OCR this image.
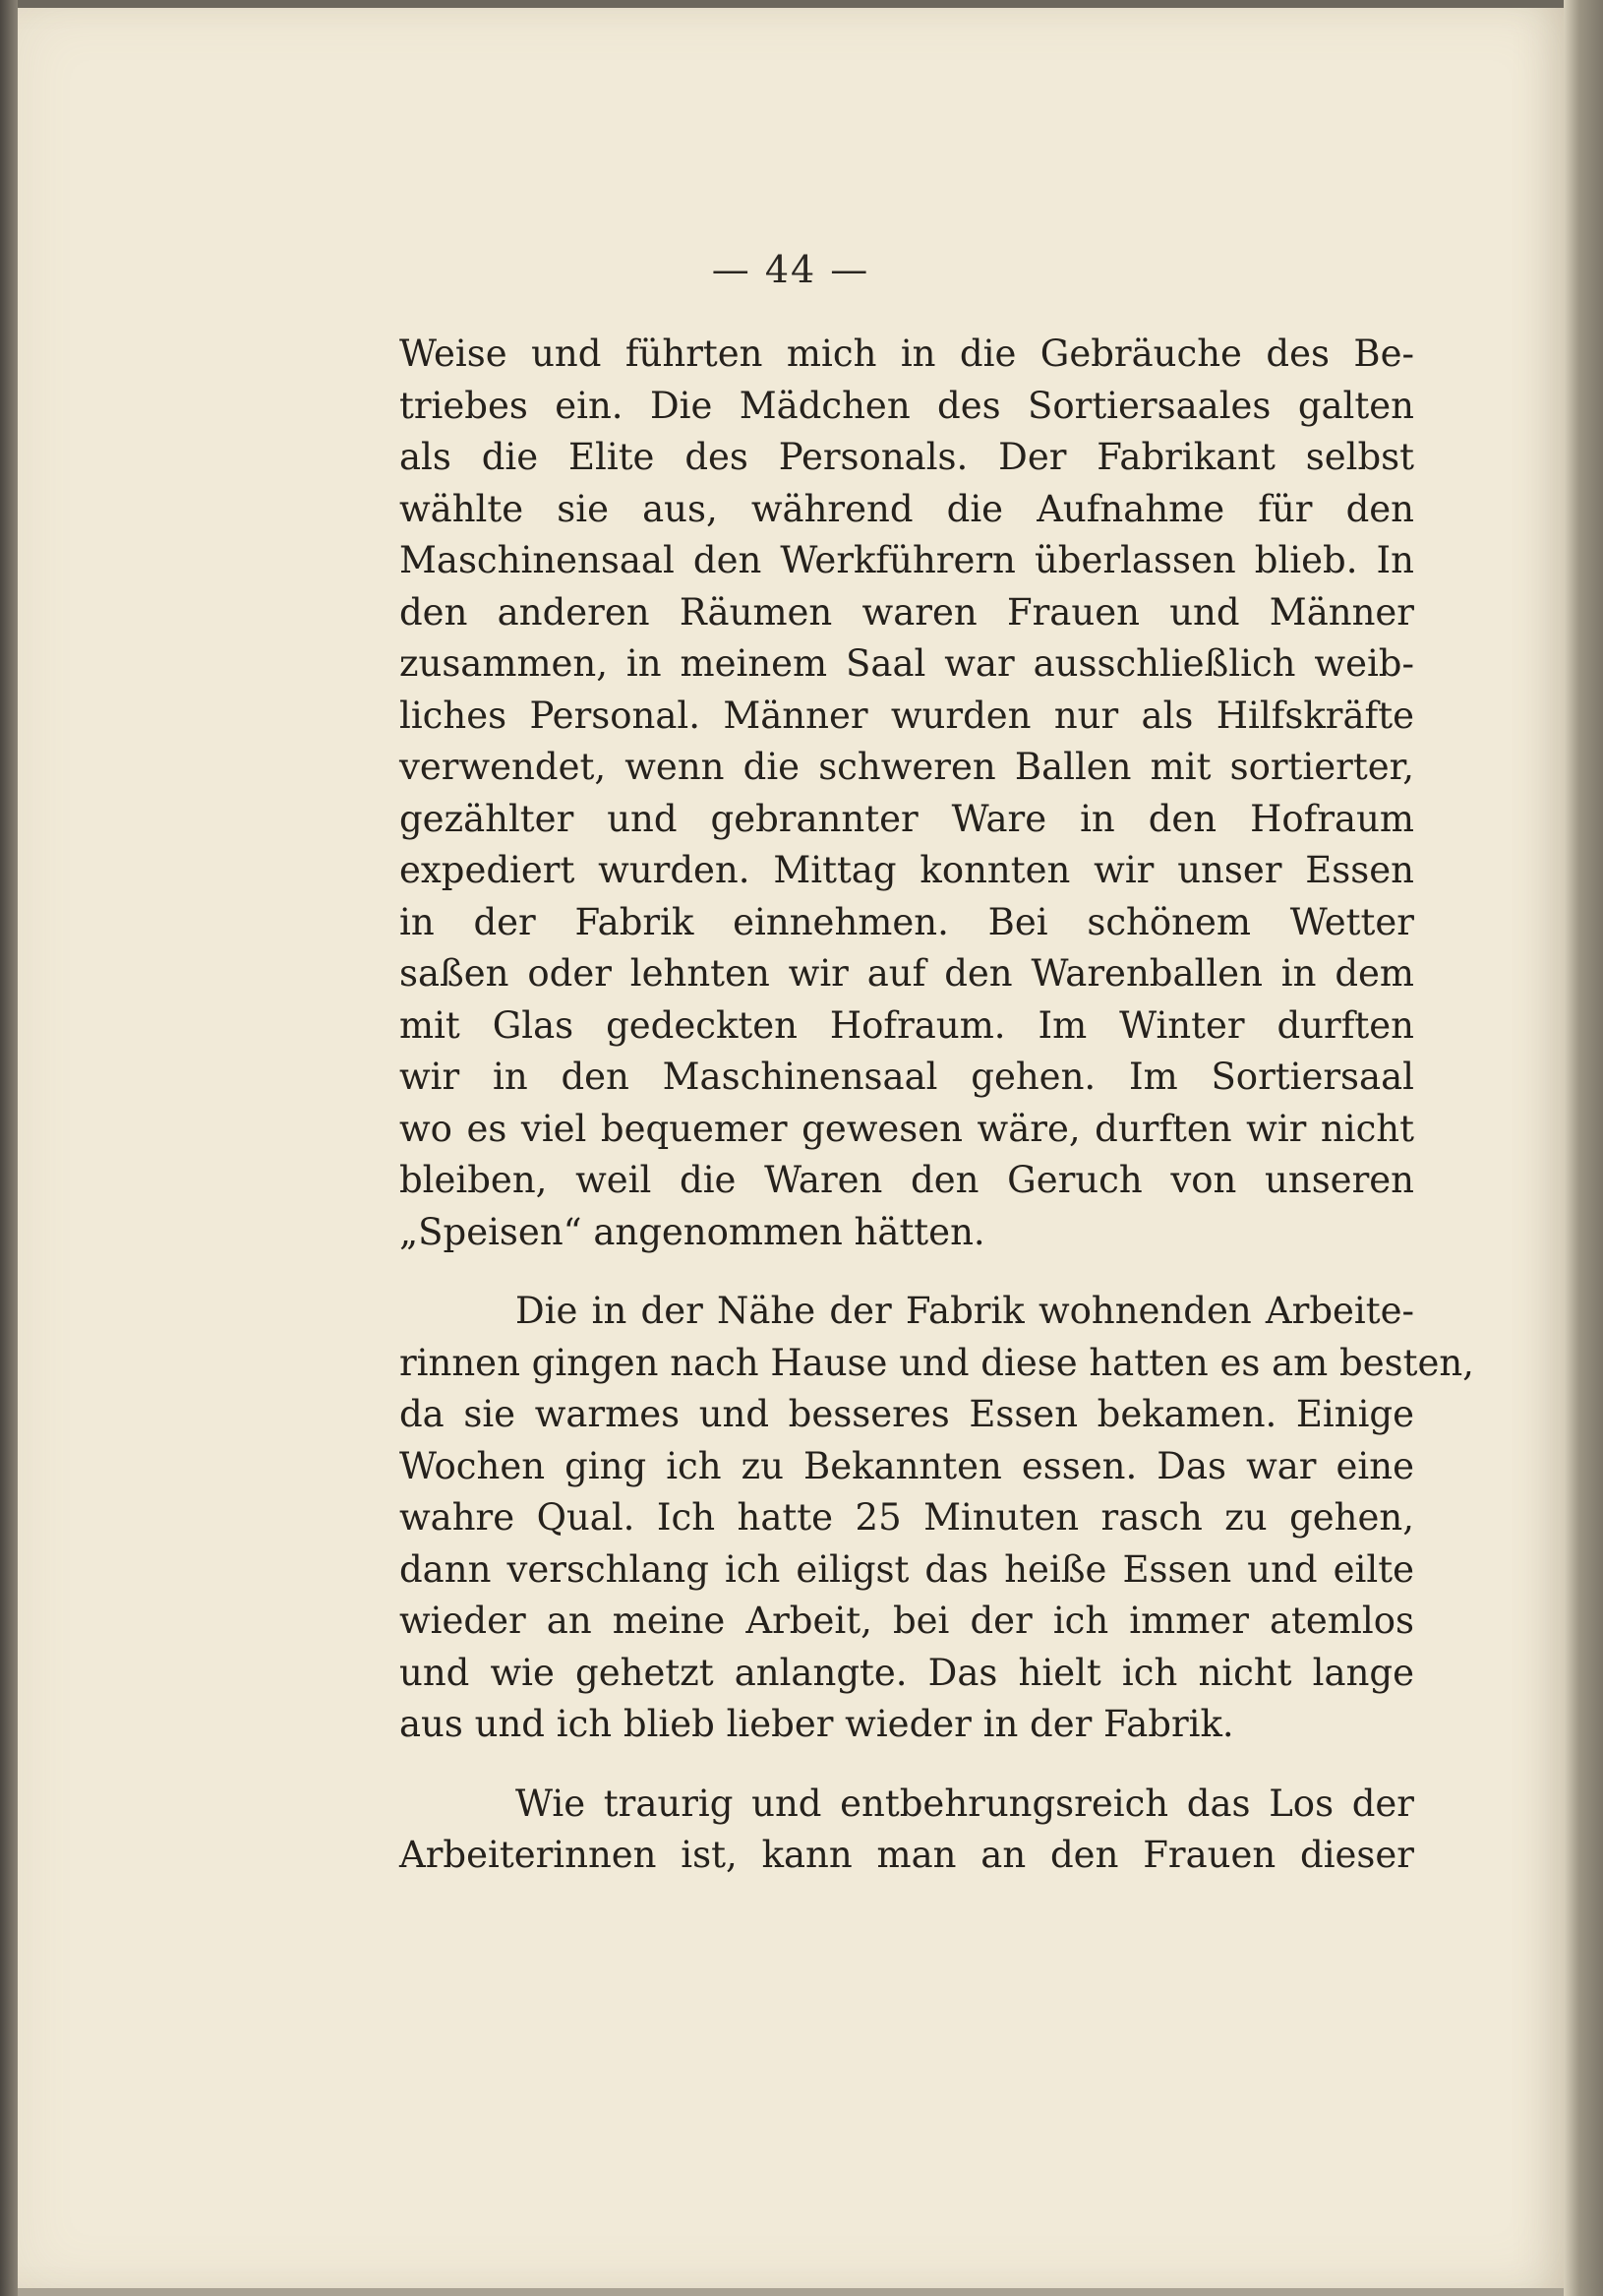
— 44 —
Weise und führten mich in die Gebräuche des Be-
triebes ein. Die Mädchen des Sortiersaales galten
als die Elite des Personals. Der Fabrikant selbst
wählte sie aus, während die Aufnahme für den
Maschinensaal den Werkführern überlassen blieb. In
den anderen Räumen waren Frauen und Männer
zusammen, in meinem Saal war ausschließlich weib-
liches Personal. Männer wurden nur als Hilfskräfte
verwendet, wenn die schweren Ballen mit sortierter,
gezählter und gebrannter Ware in den Hofraum
expediert wurden. Mittag konnten wir unser Essen
in der Fabrik einnehmen. Bei schönem Wetter
saßen oder lehnten wir auf den Warenballen in dem
mit Glas gedeckten Hofraum. Im Winter durften
wir in den Maschinensaal gehen. Im Sortiersaal
wo es viel bequemer gewesen wäre, durften wir nicht
bleiben, weil die Waren den Geruch von unseren
„Speisen“ angenommen hätten.
Die in der Nähe der Fabrik wohnenden Arbeite-
rinnen gingen nach Hause und diese hatten es am besten,
da sie warmes und besseres Essen bekamen. Einige
Wochen ging ich zu Bekannten essen. Das war eine
wahre Qual. Ich hatte 25 Minuten rasch zu gehen,
dann verschlang ich eiligst das heiße Essen und eilte
wieder an meine Arbeit, bei der ich immer atemlos
und wie gehetzt anlangte. Das hielt ich nicht lange
aus und ich blieb lieber wieder in der Fabrik.
Wie traurig und entbehrungsreich das Los der
Arbeiterinnen ist, kann man an den Frauen dieser
